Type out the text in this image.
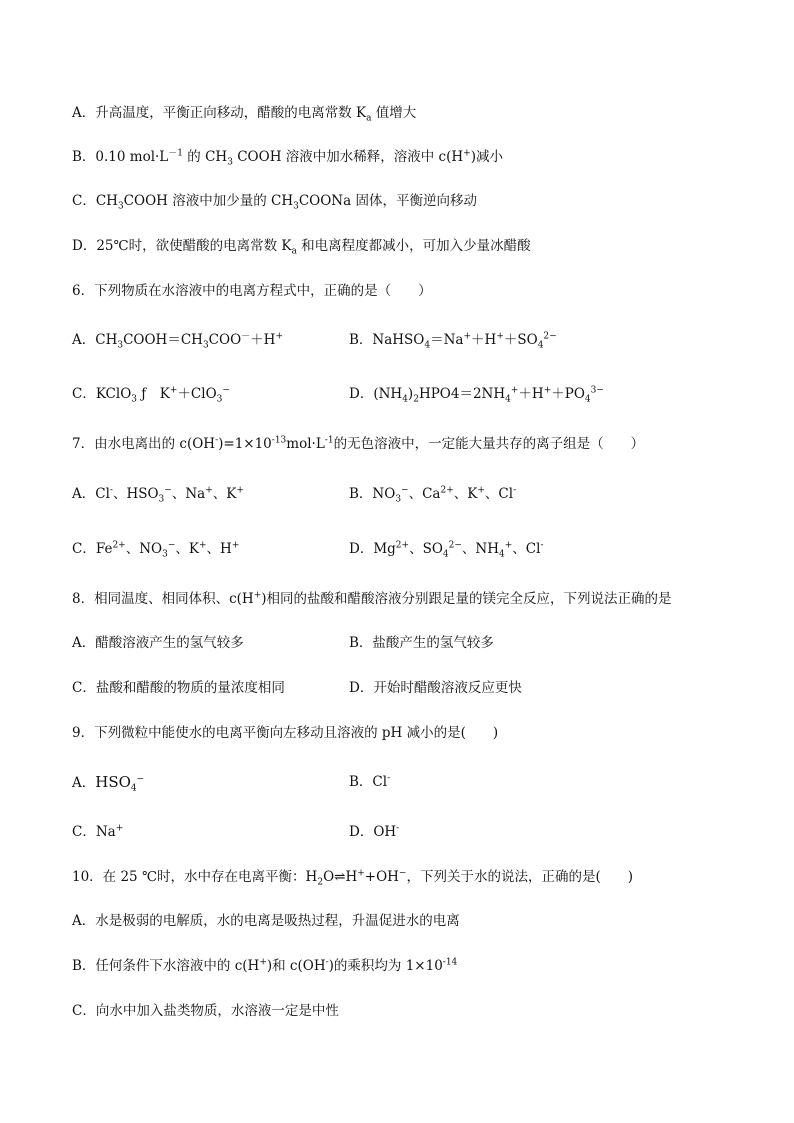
A．升高温度，平衡正向移动，醋酸的电离常数 $K_a$ 值增大
B．0.10 $mol\cdot L^{-1}$ 的 $CH_3$ COOH 溶液中加水稀释，溶液中 c(H+)减小
C．$CH_3COOH$ 溶液中加少量的 $CH_3COONa$ 固体，平衡逆向移动
D．25℃时，欲使醋酸的电离常数 $K_a$ 和电离程度都减小，可加入少量冰醋酸
6．下列物质在水溶液中的电离方程式中，正确的是（　　）
A．$CH_3COOH=CH_3COO^-+H^+$	B．$NaHSO_4=Na^++H^++SO_4^{2-}$
C．KClO$_3$ ƒ　K+＋ClO$_3$−	D．$(NH_4)_2HPO4=2NH_4^++H^++PO_4^{3-}$
7．由水电离出的 $c(OH^-)=1\times 10^{-13}mol\cdot L^{-1}$的无色溶液中，一定能大量共存的离子组是（　　）
A．Cl-、$HSO_3^-$、Na+、K+	B．$NO_3^-$、$Ca^{2+}$、K+、Cl-
C．$Fe^{2+}$、$NO_3^-$、K+、H+	D．$Mg^{2+}$、$SO_4^{2-}$、$NH_4^+$、Cl-
8．相同温度、相同体积、c(H+)相同的盐酸和醋酸溶液分别跟足量的镁完全反应，下列说法正确的是
A．醋酸溶液产生的氢气较多	B．盐酸产生的氢气较多
C．盐酸和醋酸的物质的量浓度相同	D．开始时醋酸溶液反应更快
9．下列微粒中能使水的电离平衡向左移动且溶液的 pH 减小的是(　　)
A．$HSO_4^-$	B．Cl-
C．Na+	D．OH-
10．在 25 ℃时，水中存在电离平衡：$H_2O\rightleftharpoons H^++OH^-$，下列关于水的说法，正确的是(　　)
A．水是极弱的电解质，水的电离是吸热过程，升温促进水的电离
B．任何条件下水溶液中的 c(H+)和 c(OH-)的乘积均为 $1\times 10^{-14}$
C．向水中加入盐类物质，水溶液一定是中性
